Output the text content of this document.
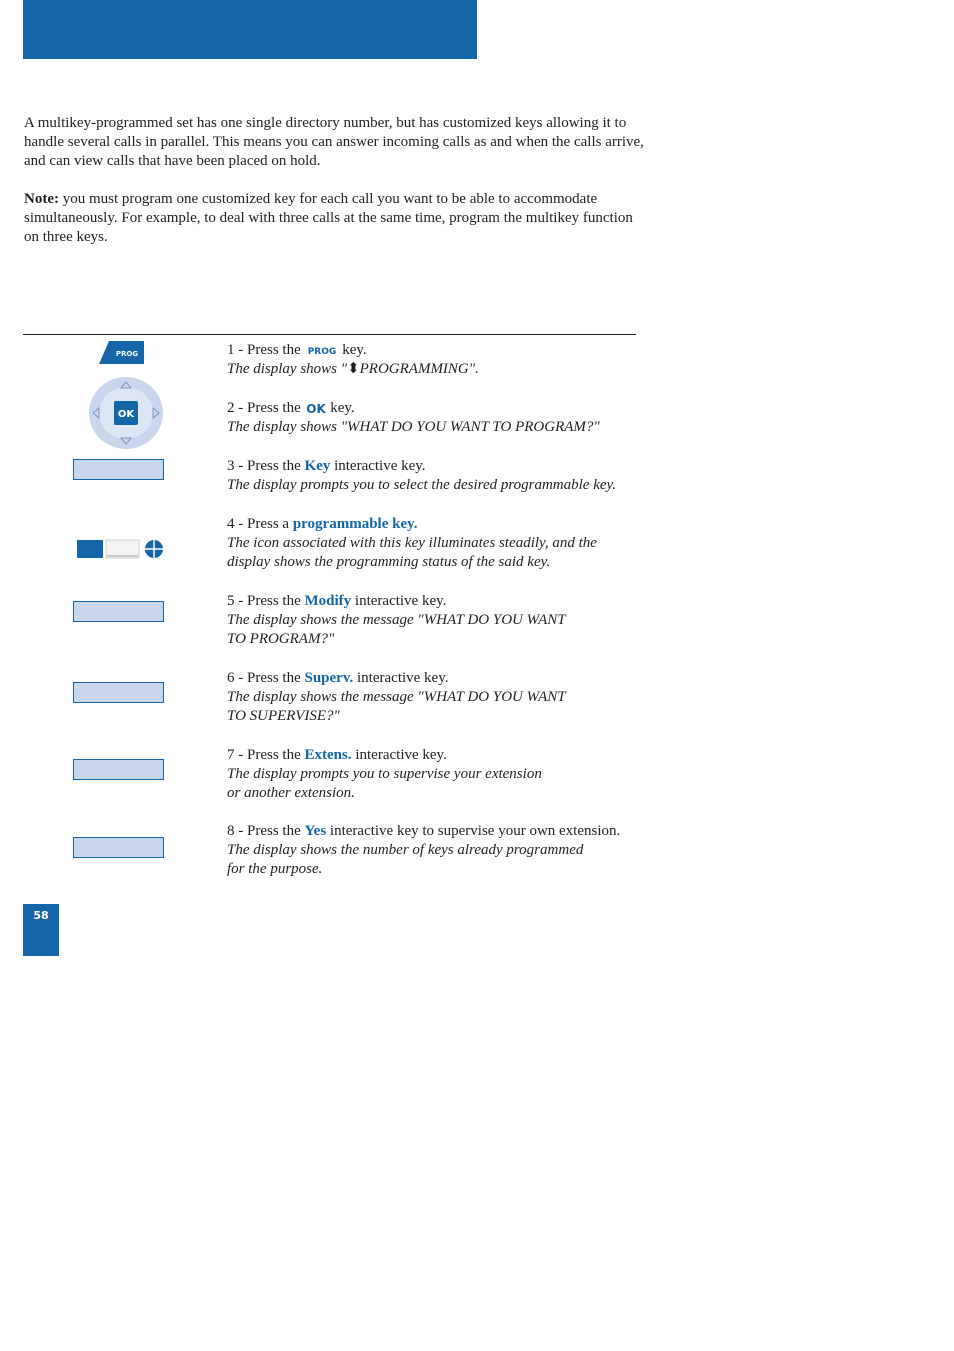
A multikey-programmed set has one single directory number, but has customized keys allowing it to handle several calls in parallel. This means you can answer incoming calls as and when the calls arrive, and can view calls that have been placed on hold.

Note: you must program one customized key for each call you want to be able to accommodate simultaneously. For example, to deal with three calls at the same time, program the multikey function on three keys.

PROG
OK
1 - Press the PROG key.
The display shows "⬍PROGRAMMING".
2 - Press the OK key.
The display shows "WHAT DO YOU WANT TO PROGRAM?"
3 - Press the Key interactive key.
The display prompts you to select the desired programmable key.
4 - Press a programmable key.
The icon associated with this key illuminates steadily, and the
display shows the programming status of the said key.
5 - Press the Modify interactive key.
The display shows the message "WHAT DO YOU WANT
TO PROGRAM?"
6 - Press the Superv. interactive key.
The display shows the message "WHAT DO YOU WANT
TO SUPERVISE?"
7 - Press the Extens. interactive key.
The display prompts you to supervise your extension
or another extension.
8 - Press the Yes interactive key to supervise your own extension.
The display shows the number of keys already programmed
for the purpose.
58
